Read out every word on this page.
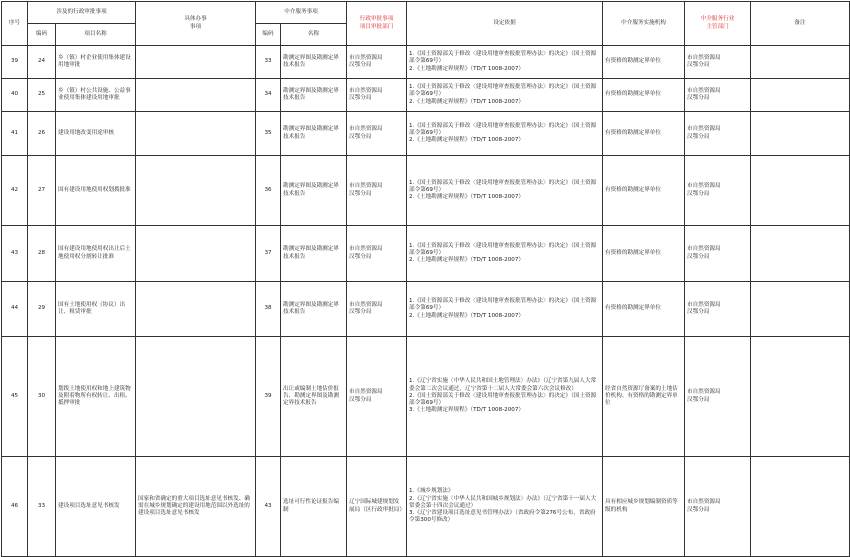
序号	涉及的行政审批事项		具体办事
事项	中介服务事项		行政审批事项
项目审批部门	设定依据	中介服务实施机构	中介服务行业
主管部门	备注
	编码	项目名称		编码	名称					
39	24	乡（镇）村企业使用集体建设用地审批		33	勘测定界图及勘测定界技术报告	市自然资源局
汉鄂分局	1.《国土资源部关于修改〈建设用地审查报批管理办法〉的决定》（国土资源部令第69号）
2.《土地勘测定界规程》（TD/T 1008-2007）	有资格的勘测定界单位	市自然资源局
汉鄂分局	
40	25	乡（镇）村公共设施、公益事业使用集体建设用地审批		34	勘测定界图及勘测定界技术报告	市自然资源局
汉鄂分局	1.《国土资源部关于修改〈建设用地审查报批管理办法〉的决定》（国土资源部令第69号）
2.《土地勘测定界规程》（TD/T 1008-2007）	有资格的勘测定界单位	市自然资源局
汉鄂分局	
41	26	建设用地改变用途审核		35	勘测定界图及勘测定界技术报告	市自然资源局
汉鄂分局	1.《国土资源部关于修改〈建设用地审查报批管理办法〉的决定》（国土资源部令第69号）
2.《土地勘测定界规程》（TD/T 1008-2007）	有资格的勘测定界单位	市自然资源局
汉鄂分局	
42	27	国有建设用地使用权划拨批准		36	勘测定界图及勘测定界技术报告	市自然资源局
汉鄂分局	1.《国土资源部关于修改〈建设用地审查报批管理办法〉的决定》（国土资源部令第69号）
2.《土地勘测定界规程》（TD/T 1008-2007）	有资格的勘测定界单位	市自然资源局
汉鄂分局	
43	28	国有建设用地使用权出让后土地使用权分割转让批准		37	勘测定界图及勘测定界技术报告	市自然资源局
汉鄂分局	1.《国土资源部关于修改〈建设用地审查报批管理办法〉的决定》（国土资源部令第69号）
2.《土地勘测定界规程》（TD/T 1008-2007）	有资格的勘测定界单位	市自然资源局
汉鄂分局	
44	29	国有土地使用权（协议）出让、租赁审批		38	勘测定界图及勘测定界技术报告	市自然资源局
汉鄂分局	1.《国土资源部关于修改〈建设用地审查报批管理办法〉的决定》（国土资源部令第69号）
2.《土地勘测定界规程》（TD/T 1008-2007）	有资格的勘测定界单位	市自然资源局
汉鄂分局	
45	30	划拨土地使用权和地上建筑物及附着物所有权转让、出租、抵押审批		39	出让或编制土地估价报告、勘测定界图及勘测定界技术报告	市自然资源局
汉鄂分局	1.《辽宁省实施〈中华人民共和国土地管理法〉办法》（辽宁省第九届人大常委会第二次会议通过，辽宁省第十二届人大常委会第六次会议修改）
2.《国土资源部关于修改〈建设用地审查报批管理办法〉的决定》（国土资源部令第69号）
3.《土地勘测定界规程》（TD/T 1008-2007）	经省自然资源厅备案的土地估价机构、有资格的勘测定界单位	市自然资源局
汉鄂分局	
46	33	建设项目选址意见书核发	国家和省确定的重大项目选址意见书核发、确需在城乡规划确定的建设用地范围以外选址的建设项目选址意见书核发	43	选址可行性论证报告编制	辽宁国际城建规划发展局（区行政审批局）	1.《城乡规划法》
2.《辽宁省实施〈中华人民共和国城乡规划法〉办法》（辽宁省第十一届人大常委会第十四次会议通过）
3.《辽宁省建设项目选址意见书管理办法》（省政府令第276号公布，省政府令第300号修改）	具有相应城乡规划编制资质等级的机构	市自然资源局
汉鄂分局	
